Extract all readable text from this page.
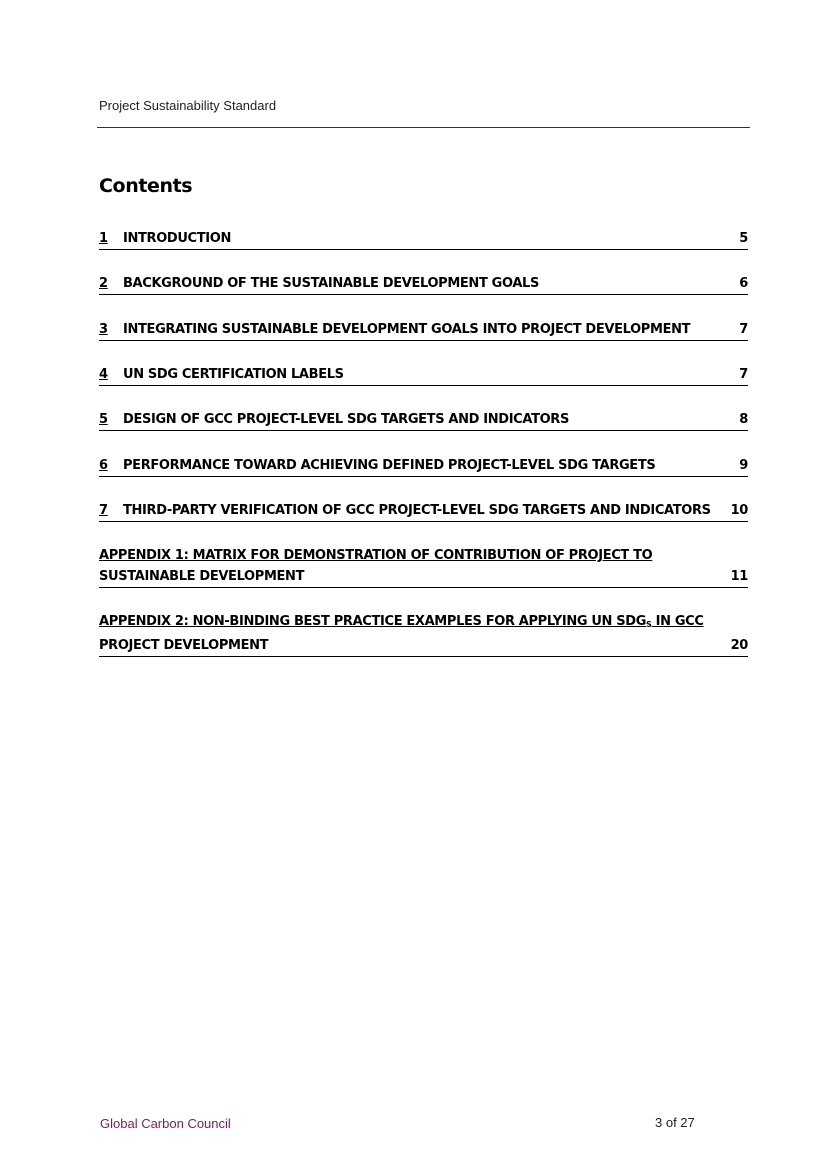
Project Sustainability Standard
Contents
1	INTRODUCTION	5
2	BACKGROUND OF THE SUSTAINABLE DEVELOPMENT GOALS	6
3	INTEGRATING SUSTAINABLE DEVELOPMENT GOALS INTO PROJECT DEVELOPMENT	7
4	UN SDG CERTIFICATION LABELS	7
5	DESIGN OF GCC PROJECT-LEVEL SDG TARGETS AND INDICATORS	8
6	PERFORMANCE TOWARD ACHIEVING DEFINED PROJECT-LEVEL SDG TARGETS	9
7	THIRD-PARTY VERIFICATION OF GCC PROJECT-LEVEL SDG TARGETS AND INDICATORS	10
APPENDIX 1: MATRIX FOR DEMONSTRATION OF CONTRIBUTION OF PROJECT TO
SUSTAINABLE DEVELOPMENT	11
APPENDIX 2: NON-BINDING BEST PRACTICE EXAMPLES FOR APPLYING UN SDGS IN GCC
PROJECT DEVELOPMENT	20
Global Carbon Council	3 of 27
